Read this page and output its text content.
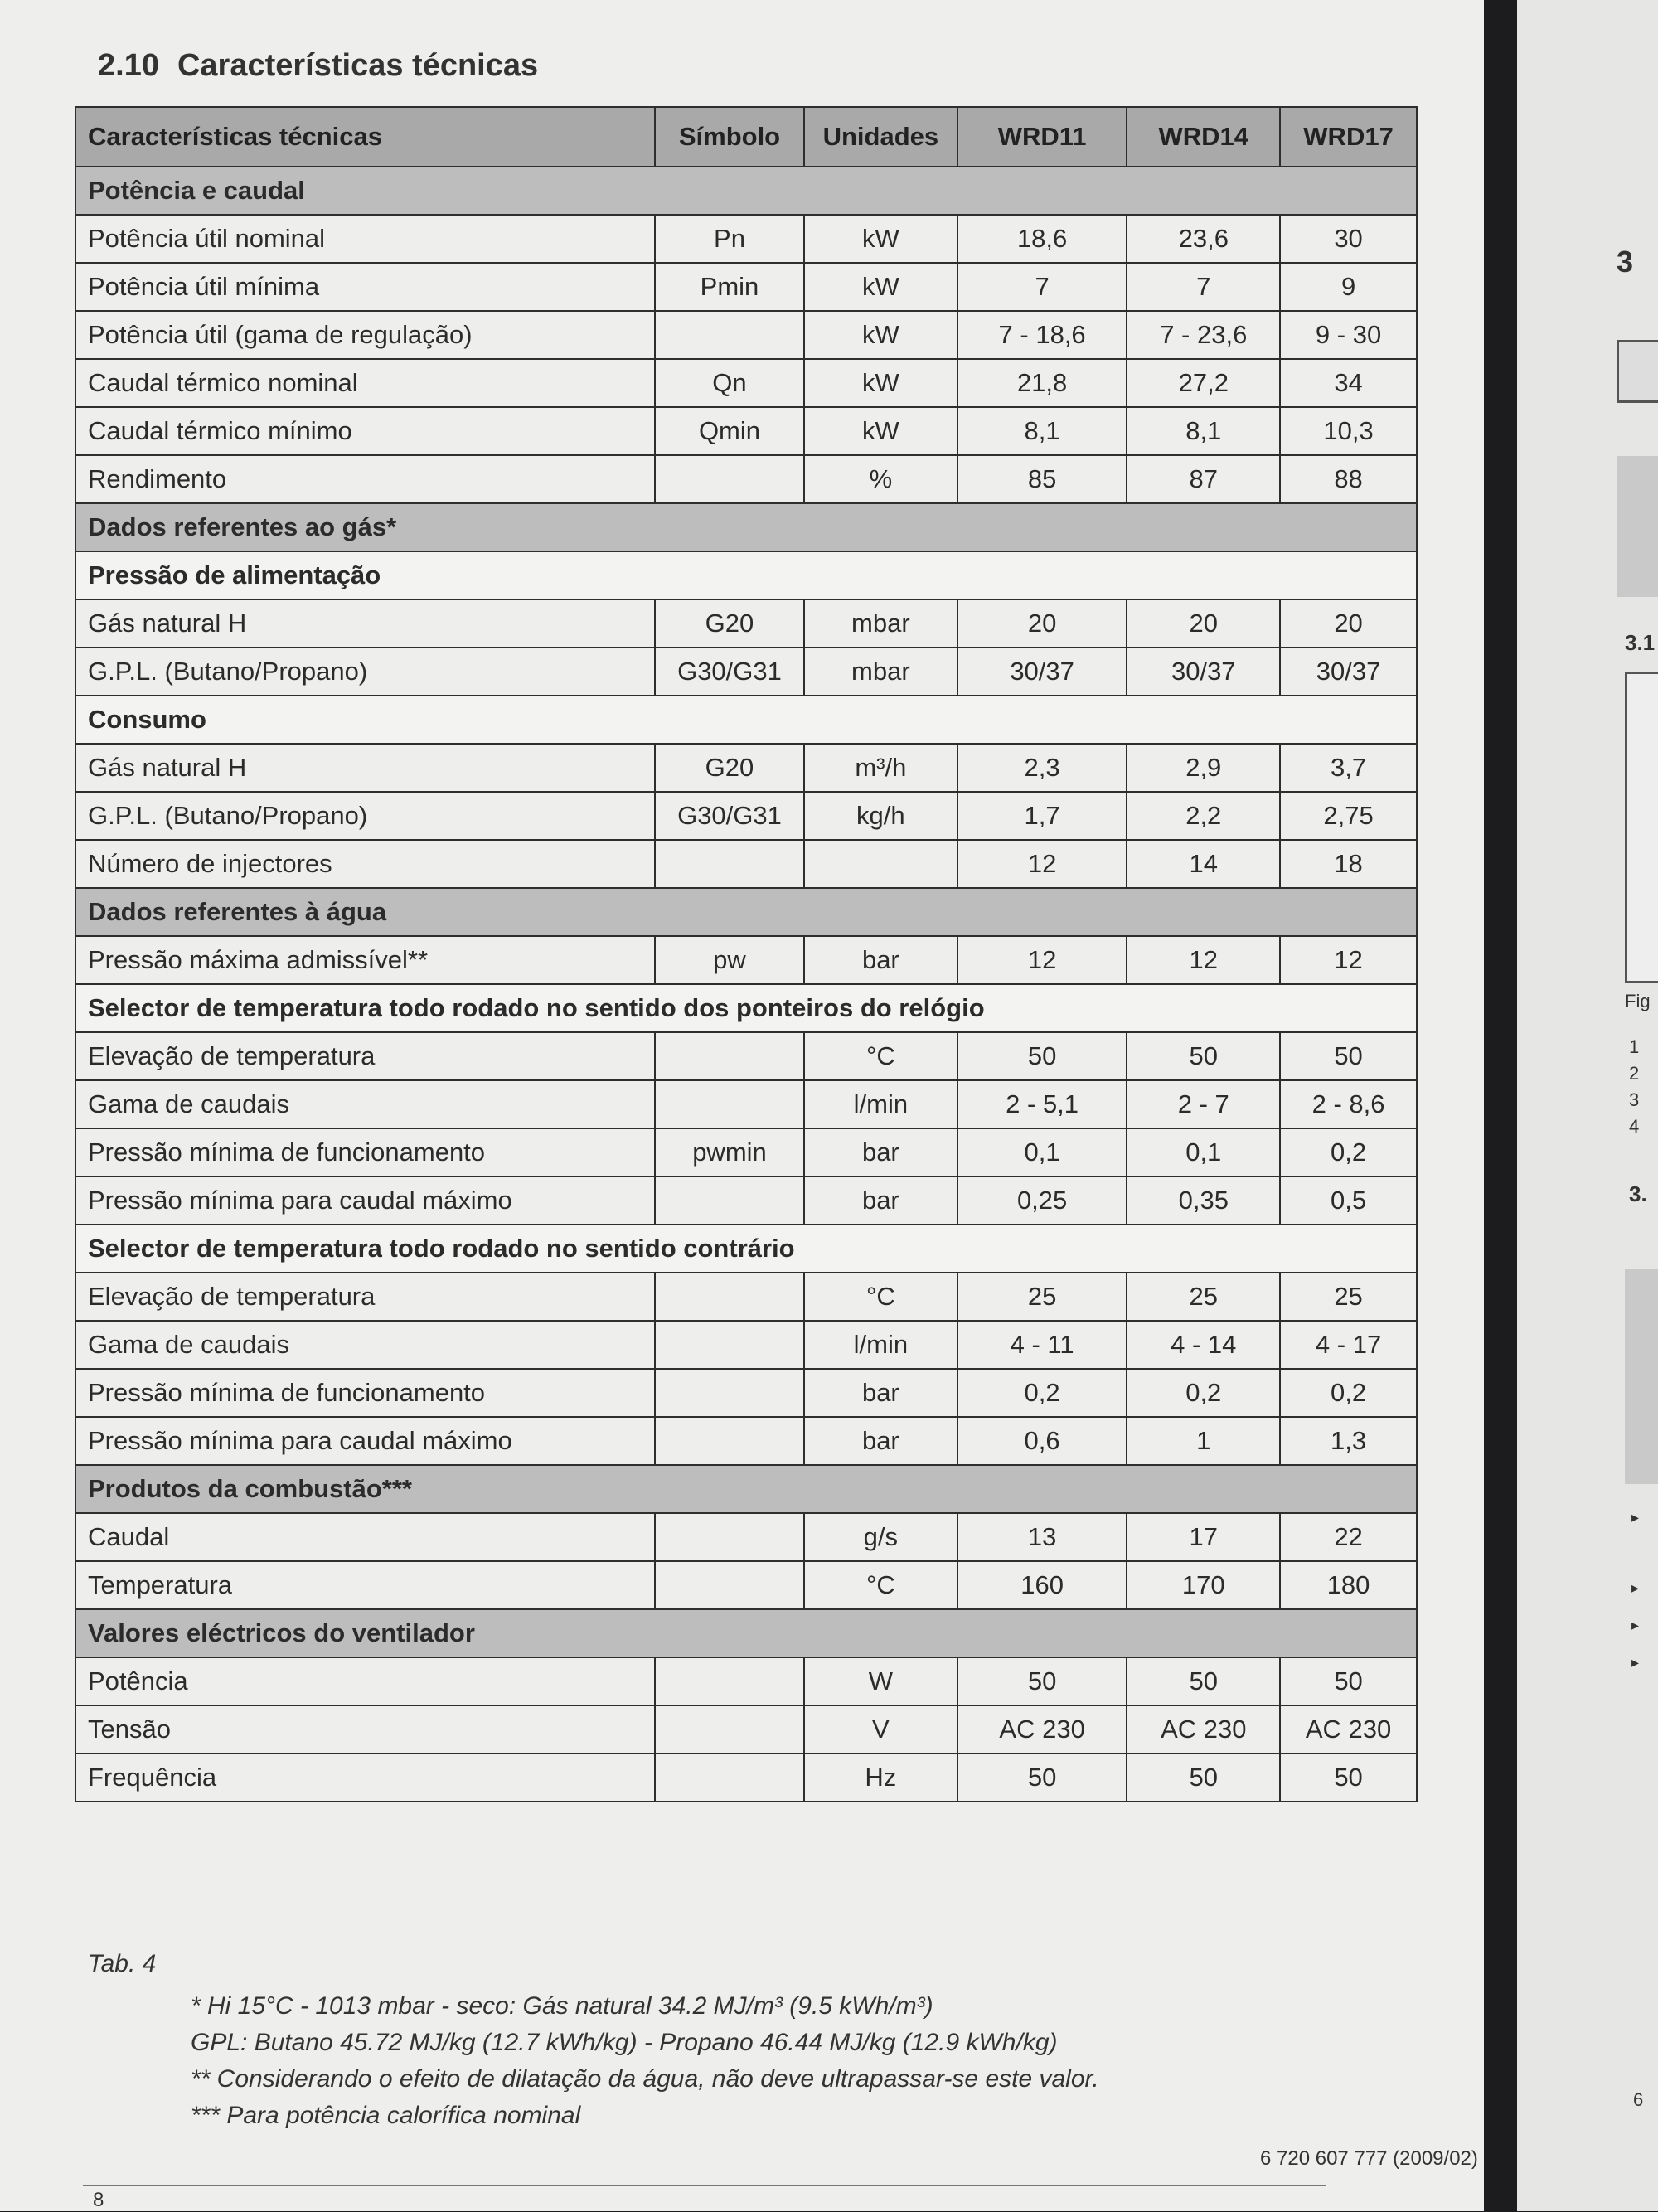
2.10 Características técnicas
Características técnicas	Símbolo	Unidades	WRD11	WRD14	WRD17
Potência e caudal					
Potência útil nominal	Pn	kW	18,6	23,6	30
Potência útil mínima	Pmin	kW	7	7	9
Potência útil (gama de regulação)		kW	7 - 18,6	7 - 23,6	9 - 30
Caudal térmico nominal	Qn	kW	21,8	27,2	34
Caudal térmico mínimo	Qmin	kW	8,1	8,1	10,3
Rendimento		%	85	87	88
Dados referentes ao gás*					
Pressão de alimentação					
Gás natural H	G20	mbar	20	20	20
G.P.L. (Butano/Propano)	G30/G31	mbar	30/37	30/37	30/37
Consumo					
Gás natural H	G20	m³/h	2,3	2,9	3,7
G.P.L. (Butano/Propano)	G30/G31	kg/h	1,7	2,2	2,75
Número de injectores			12	14	18
Dados referentes à água					
Pressão máxima admissível**	pw	bar	12	12	12
Selector de temperatura todo rodado no sentido dos ponteiros do relógio					
Elevação de temperatura		°C	50	50	50
Gama de caudais		l/min	2 - 5,1	2 - 7	2 - 8,6
Pressão mínima de funcionamento	pwmin	bar	0,1	0,1	0,2
Pressão mínima para caudal máximo		bar	0,25	0,35	0,5
Selector de temperatura todo rodado no sentido contrário					
Elevação de temperatura		°C	25	25	25
Gama de caudais		l/min	4 - 11	4 - 14	4 - 17
Pressão mínima de funcionamento		bar	0,2	0,2	0,2
Pressão mínima para caudal máximo		bar	0,6	1	1,3
Produtos da combustão***					
Caudal		g/s	13	17	22
Temperatura		°C	160	170	180
Valores eléctricos do ventilador					
Potência		W	50	50	50
Tensão		V	AC 230	AC 230	AC 230
Frequência		Hz	50	50	50
Tab. 4
* Hi 15°C - 1013 mbar - seco: Gás natural 34.2 MJ/m³ (9.5 kWh/m³)
GPL: Butano 45.72 MJ/kg (12.7 kWh/kg) - Propano 46.44 MJ/kg (12.9 kWh/kg)
** Considerando o efeito de dilatação da água, não deve ultrapassar-se este valor.
*** Para potência calorífica nominal
8
6 720 607 777 (2009/02)
3
3.1
Fig
1
2
3
4
3.
▸
▸
▸
▸
6
